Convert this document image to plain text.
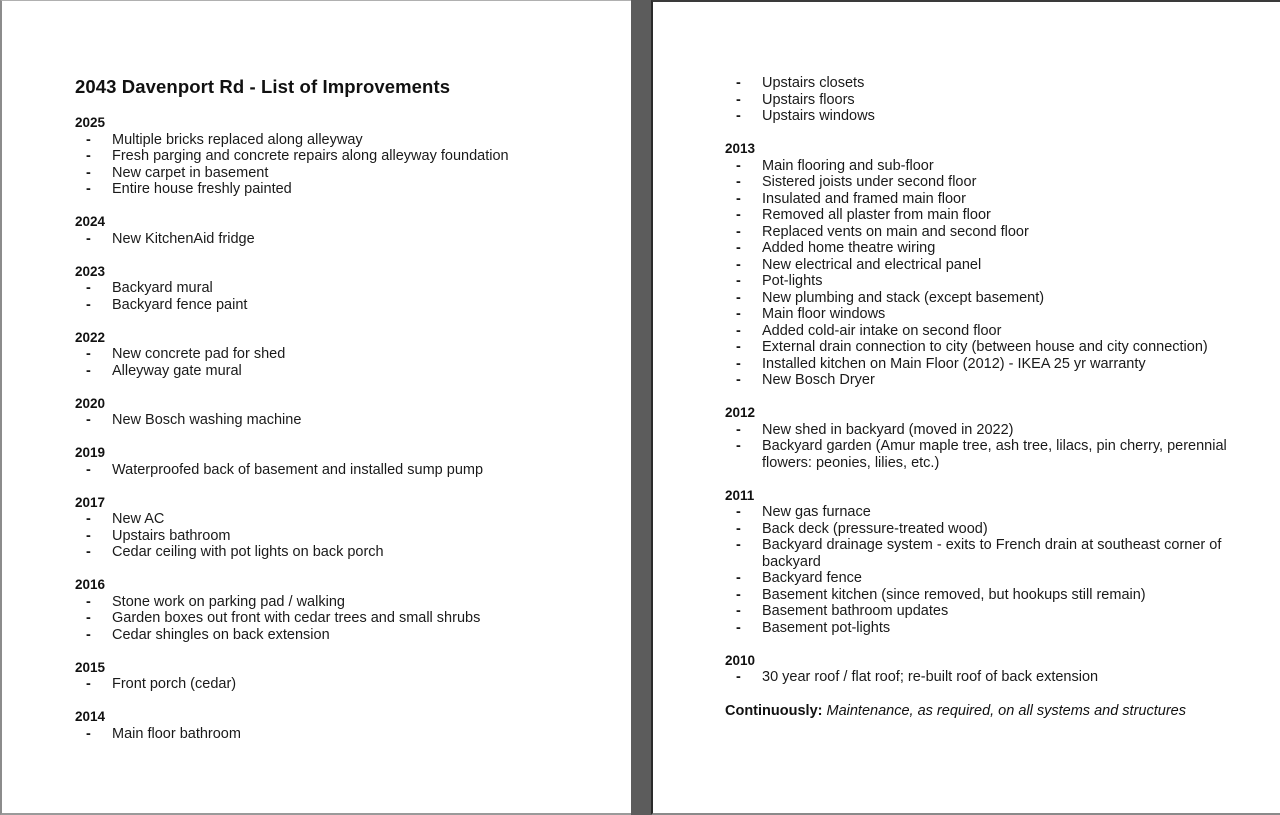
2043 Davenport Rd - List of Improvements
2025
- Multiple bricks replaced along alleyway
- Fresh parging and concrete repairs along alleyway foundation
- New carpet in basement
- Entire house freshly painted
2024
- New KitchenAid fridge
2023
- Backyard mural
- Backyard fence paint
2022
- New concrete pad for shed
- Alleyway gate mural
2020
- New Bosch washing machine
2019
- Waterproofed back of basement and installed sump pump
2017
- New AC
- Upstairs bathroom
- Cedar ceiling with pot lights on back porch
2016
- Stone work on parking pad / walking
- Garden boxes out front with cedar trees and small shrubs
- Cedar shingles on back extension
2015
- Front porch (cedar)
2014
- Main floor bathroom
- Upstairs closets
- Upstairs floors
- Upstairs windows
2013
- Main flooring and sub-floor
- Sistered joists under second floor
- Insulated and framed main floor
- Removed all plaster from main floor
- Replaced vents on main and second floor
- Added home theatre wiring
- New electrical and electrical panel
- Pot-lights
- New plumbing and stack (except basement)
- Main floor windows
- Added cold-air intake on second floor
- External drain connection to city (between house and city connection)
- Installed kitchen on Main Floor (2012) - IKEA 25 yr warranty
- New Bosch Dryer
2012
- New shed in backyard (moved in 2022)
- Backyard garden (Amur maple tree, ash tree, lilacs, pin cherry, perennial flowers: peonies, lilies, etc.)
2011
- New gas furnace
- Back deck (pressure-treated wood)
- Backyard drainage system - exits to French drain at southeast corner of backyard
- Backyard fence
- Basement kitchen (since removed, but hookups still remain)
- Basement bathroom updates
- Basement pot-lights
2010
- 30 year roof / flat roof; re-built roof of back extension
Continuously: Maintenance, as required, on all systems and structures
